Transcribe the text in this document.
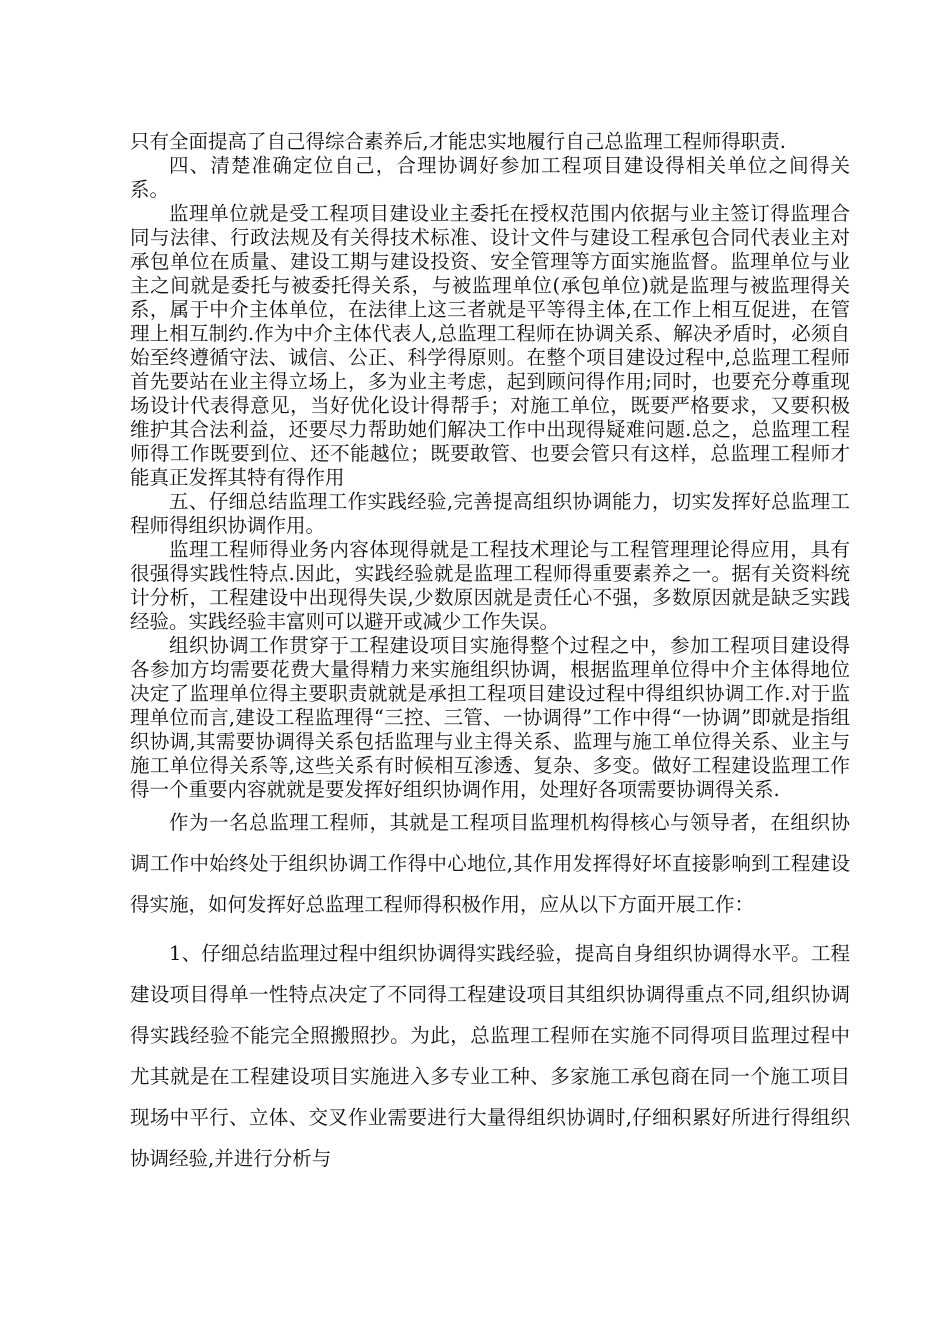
只有全面提高了自己得综合素养后,才能忠实地履行自己总监理工程师得职责.

四、清楚准确定位自己，合理协调好参加工程项目建设得相关单位之间得关系。

监理单位就是受工程项目建设业主委托在授权范围内依据与业主签订得监理合同与法律、行政法规及有关得技术标准、设计文件与建设工程承包合同代表业主对承包单位在质量、建设工期与建设投资、安全管理等方面实施监督。监理单位与业主之间就是委托与被委托得关系，与被监理单位(承包单位)就是监理与被监理得关系，属于中介主体单位，在法律上这三者就是平等得主体,在工作上相互促进，在管理上相互制约.作为中介主体代表人,总监理工程师在协调关系、解决矛盾时，必须自始至终遵循守法、诚信、公正、科学得原则。在整个项目建设过程中,总监理工程师首先要站在业主得立场上，多为业主考虑，起到顾问得作用;同时，也要充分尊重现场设计代表得意见，当好优化设计得帮手；对施工单位，既要严格要求，又要积极维护其合法利益，还要尽力帮助她们解决工作中出现得疑难问题.总之，总监理工程师得工作既要到位、还不能越位；既要敢管、也要会管只有这样，总监理工程师才能真正发挥其特有得作用

五、仔细总结监理工作实践经验,完善提高组织协调能力，切实发挥好总监理工程师得组织协调作用。

监理工程师得业务内容体现得就是工程技术理论与工程管理理论得应用，具有很强得实践性特点.因此，实践经验就是监理工程师得重要素养之一。据有关资料统计分析，工程建设中出现得失误,少数原因就是责任心不强，多数原因就是缺乏实践经验。实践经验丰富则可以避开或减少工作失误。

组织协调工作贯穿于工程建设项目实施得整个过程之中，参加工程项目建设得各参加方均需要花费大量得精力来实施组织协调，根据监理单位得中介主体得地位决定了监理单位得主要职责就就是承担工程项目建设过程中得组织协调工作.对于监理单位而言,建设工程监理得“三控、三管、一协调得”工作中得“一协调”即就是指组织协调,其需要协调得关系包括监理与业主得关系、监理与施工单位得关系、业主与施工单位得关系等,这些关系有时候相互渗透、复杂、多变。做好工程建设监理工作得一个重要内容就就是要发挥好组织协调作用，处理好各项需要协调得关系.

作为一名总监理工程师，其就是工程项目监理机构得核心与领导者，在组织协调工作中始终处于组织协调工作得中心地位,其作用发挥得好坏直接影响到工程建设得实施，如何发挥好总监理工程师得积极作用，应从以下方面开展工作：

1、仔细总结监理过程中组织协调得实践经验，提高自身组织协调得水平。工程建设项目得单一性特点决定了不同得工程建设项目其组织协调得重点不同,组织协调得实践经验不能完全照搬照抄。为此，总监理工程师在实施不同得项目监理过程中尤其就是在工程建设项目实施进入多专业工种、多家施工承包商在同一个施工项目现场中平行、立体、交叉作业需要进行大量得组织协调时,仔细积累好所进行得组织协调经验,并进行分析与
